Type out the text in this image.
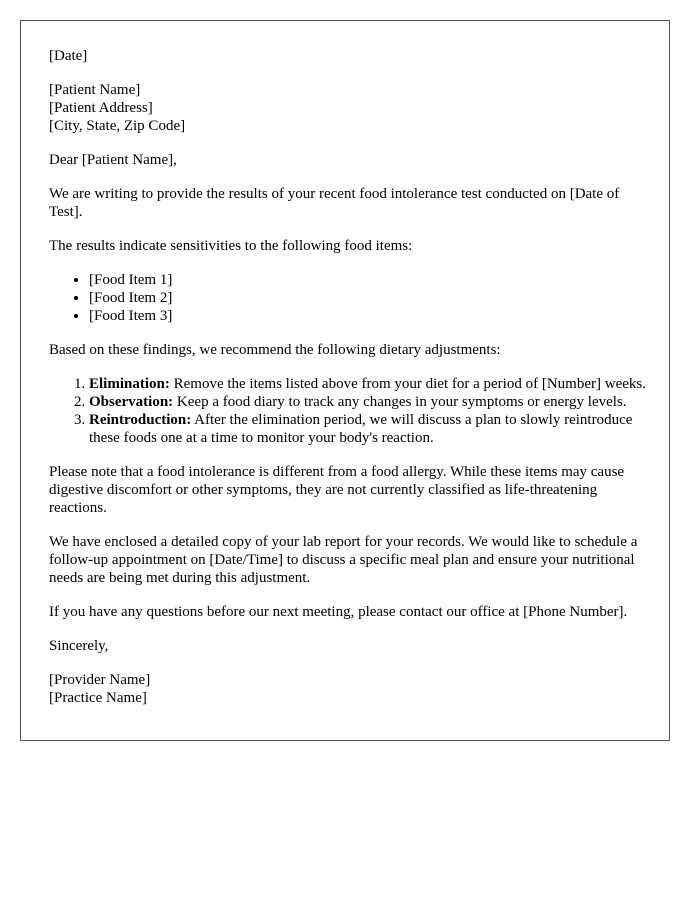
[Date]

[Patient Name]

[Patient Address]

[City, State, Zip Code]

Dear [Patient Name],

We are writing to provide the results of your recent food intolerance test conducted on [Date of Test].

The results indicate sensitivities to the following food items:

• [Food Item 1]
• [Food Item 2]
• [Food Item 3]

Based on these findings, we recommend the following dietary adjustments:

1. Elimination: Remove the items listed above from your diet for a period of [Number] weeks.
2. Observation: Keep a food diary to track any changes in your symptoms or energy levels.
3. Reintroduction: After the elimination period, we will discuss a plan to slowly reintroduce these foods one at a time to monitor your body's reaction.

Please note that a food intolerance is different from a food allergy. While these items may cause digestive discomfort or other symptoms, they are not currently classified as life-threatening reactions.

We have enclosed a detailed copy of your lab report for your records. We would like to schedule a follow-up appointment on [Date/Time] to discuss a specific meal plan and ensure your nutritional needs are being met during this adjustment.

If you have any questions before our next meeting, please contact our office at [Phone Number].

Sincerely,

[Provider Name]

[Practice Name]
